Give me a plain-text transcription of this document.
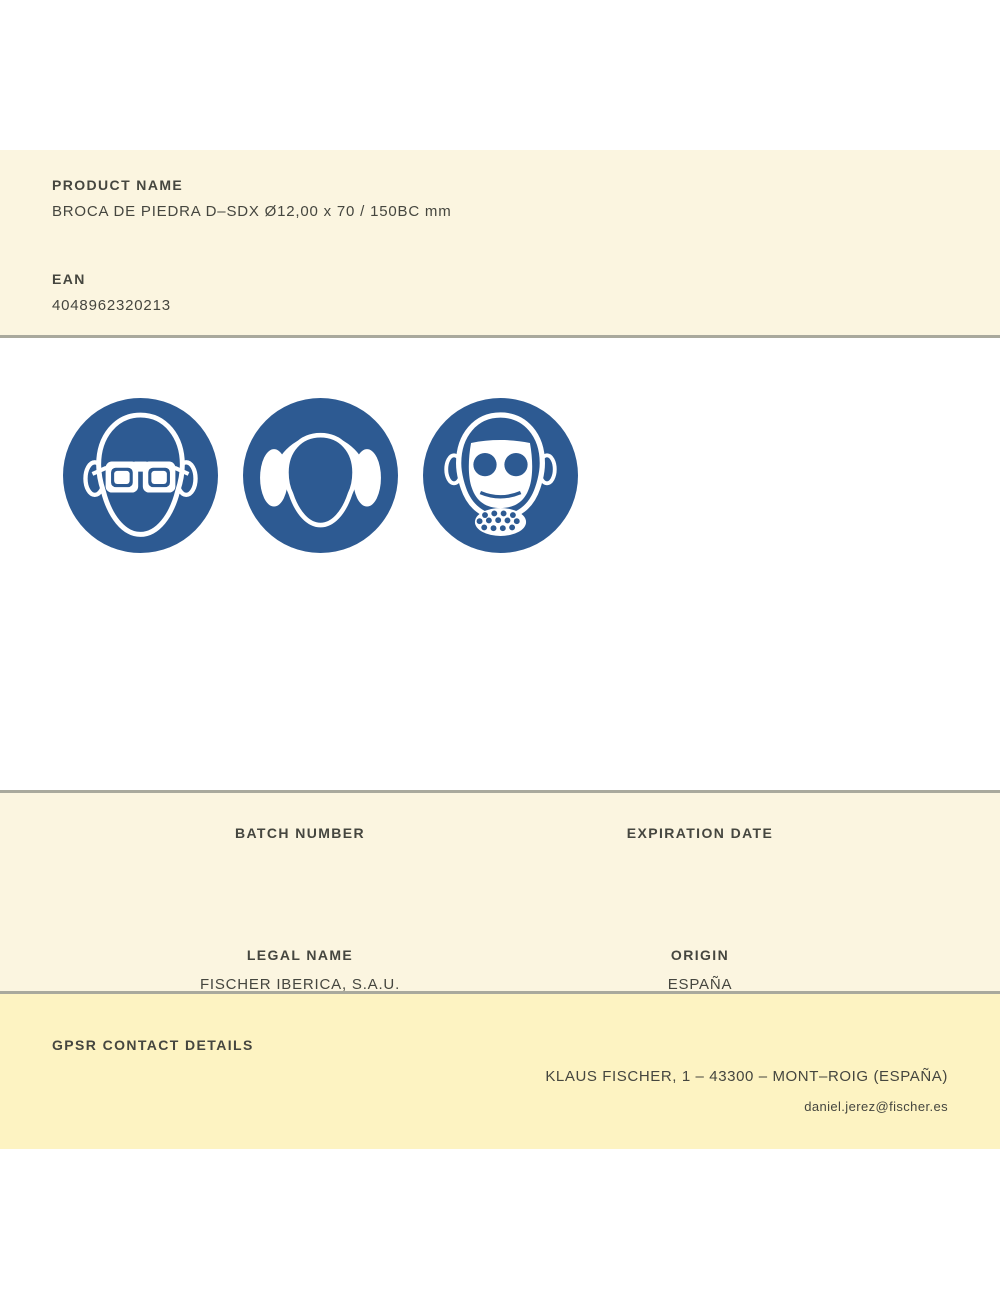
PRODUCT NAME
BROCA DE PIEDRA D–SDX Ø12,00 x 70 / 150BC mm
EAN
4048962320213
BATCH NUMBER	EXPIRATION DATE
LEGAL NAME
FISCHER IBERICA, S.A.U.
ORIGIN
ESPAÑA
GPSR CONTACT DETAILS
KLAUS FISCHER, 1 – 43300 – MONT–ROIG (ESPAÑA)
daniel.jerez@fischer.es
